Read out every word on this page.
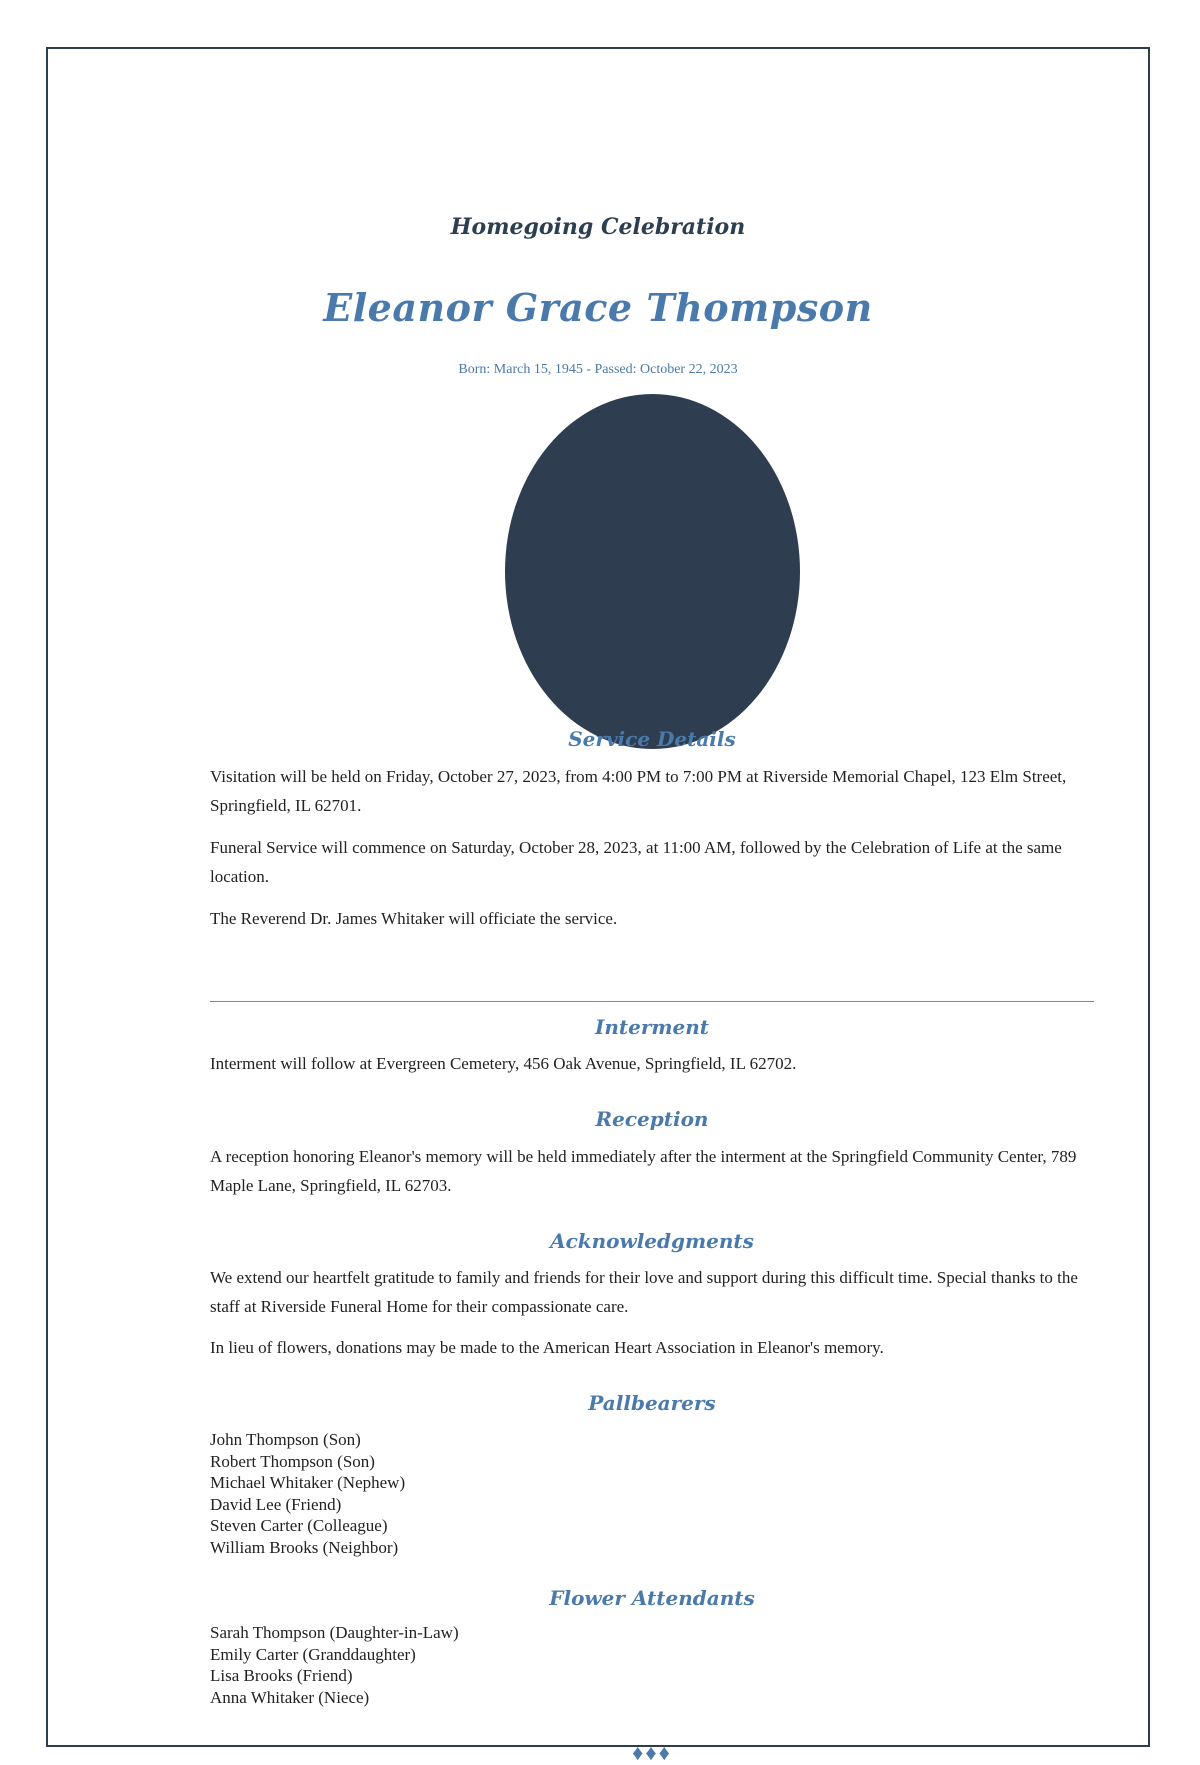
Homegoing Celebration
Eleanor Grace Thompson
Born: March 15, 1945 - Passed: October 22, 2023
Service Details
Visitation will be held on Friday, October 27, 2023, from 4:00 PM to 7:00 PM at Riverside Memorial Chapel, 123 Elm Street, Springfield, IL 62701.
Funeral Service will commence on Saturday, October 28, 2023, at 11:00 AM, followed by the Celebration of Life at the same location.
The Reverend Dr. James Whitaker will officiate the service.
Interment
Interment will follow at Evergreen Cemetery, 456 Oak Avenue, Springfield, IL 62702.
Reception
A reception honoring Eleanor's memory will be held immediately after the interment at the Springfield Community Center, 789 Maple Lane, Springfield, IL 62703.
Acknowledgments
We extend our heartfelt gratitude to family and friends for their love and support during this difficult time. Special thanks to the staff at Riverside Funeral Home for their compassionate care.
In lieu of flowers, donations may be made to the American Heart Association in Eleanor's memory.
Pallbearers
John Thompson (Son)
Robert Thompson (Son)
Michael Whitaker (Nephew)
David Lee (Friend)
Steven Carter (Colleague)
William Brooks (Neighbor)
Flower Attendants
Sarah Thompson (Daughter-in-Law)
Emily Carter (Granddaughter)
Lisa Brooks (Friend)
Anna Whitaker (Niece)
♦♦♦
